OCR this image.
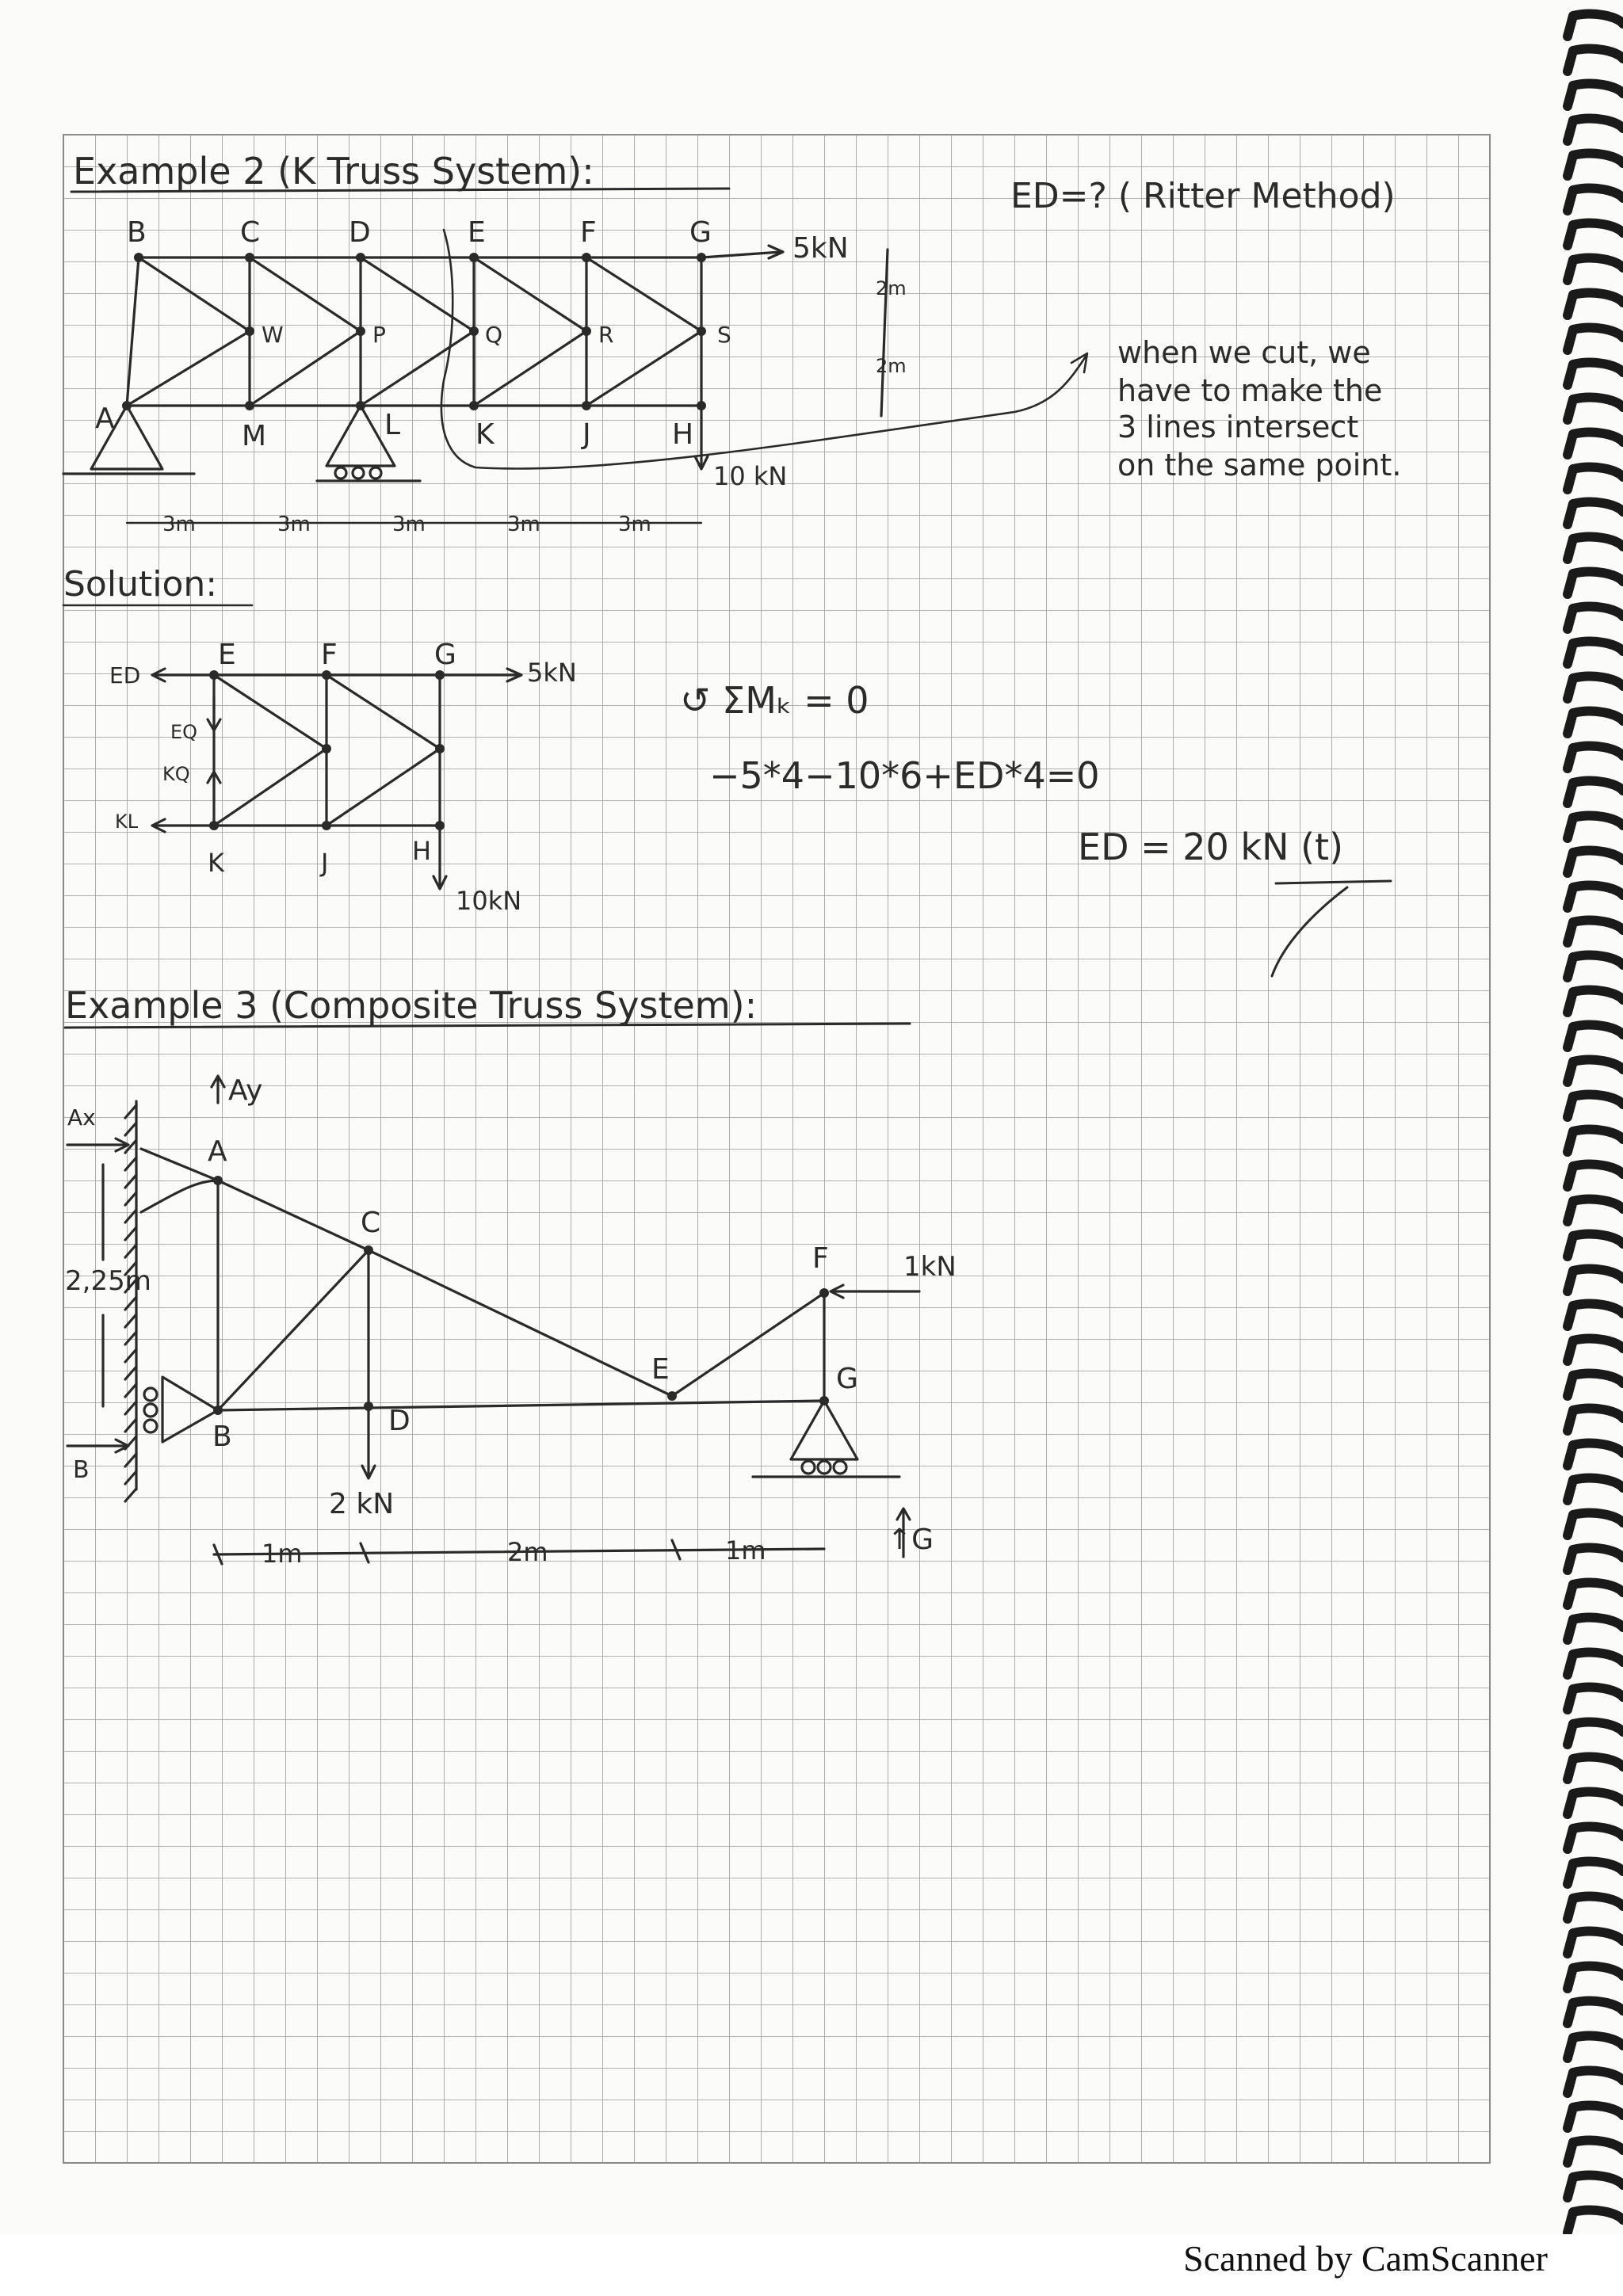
Example 2 (K Truss System):
ED=? ( Ritter Method)
B	C	D	E	F	G
W	P	Q	R	S
A
M	L	K	J	H
5kN
10 kN
2m
2m
3m	3m	3m	3m	3m
when we cut, we
have to make the
3 lines intersect
on the same point.
Solution:
ED
EQ
KQ
KL
E	F	G
K	J	H
5kN
10kN
↺ ΣMₖ = 0
−5*4−10*6+ED*4=0
ED = 20 kN (t)
Example 3 (Composite Truss System):
Ay
Ax
B
↑G
A
C
F
E	G
B	D
2,25m
2 kN
1kN
1m	2m	1m
Scanned by CamScanner
